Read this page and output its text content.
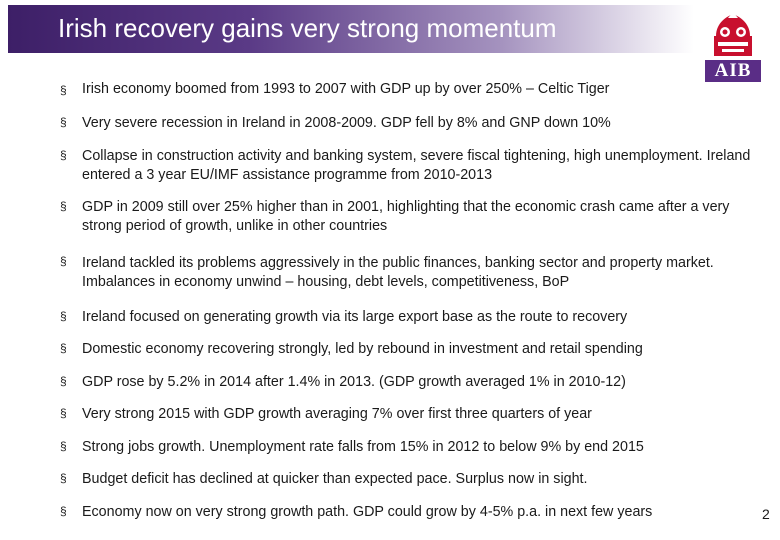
Irish recovery gains very strong momentum
AIB
§ Irish economy boomed from 1993 to 2007 with GDP up by over 250% – Celtic Tiger
§ Very severe recession in Ireland in 2008-2009. GDP fell by 8% and GNP down 10%
§ Collapse in construction activity and banking system, severe fiscal tightening, high unemployment. Ireland entered a 3 year EU/IMF assistance programme from 2010-2013
§ GDP in 2009 still over 25% higher than in 2001, highlighting that the economic crash came after a very strong period of growth, unlike in other countries
§ Ireland tackled its problems aggressively in the public finances, banking sector and property market. Imbalances in economy unwind – housing, debt levels, competitiveness, BoP
§ Ireland focused on generating growth via its large export base as the route to recovery
§ Domestic economy recovering strongly, led by rebound in investment and retail spending
§ GDP rose by 5.2% in 2014 after 1.4% in 2013. (GDP growth averaged 1% in 2010-12)
§ Very strong 2015 with GDP growth averaging 7% over first three quarters of year
§ Strong jobs growth. Unemployment rate falls from 15% in 2012 to below 9% by end 2015
§ Budget deficit has declined at quicker than expected pace. Surplus now in sight.
§ Economy now on very strong growth path. GDP could grow by 4-5% p.a. in next few years	2
